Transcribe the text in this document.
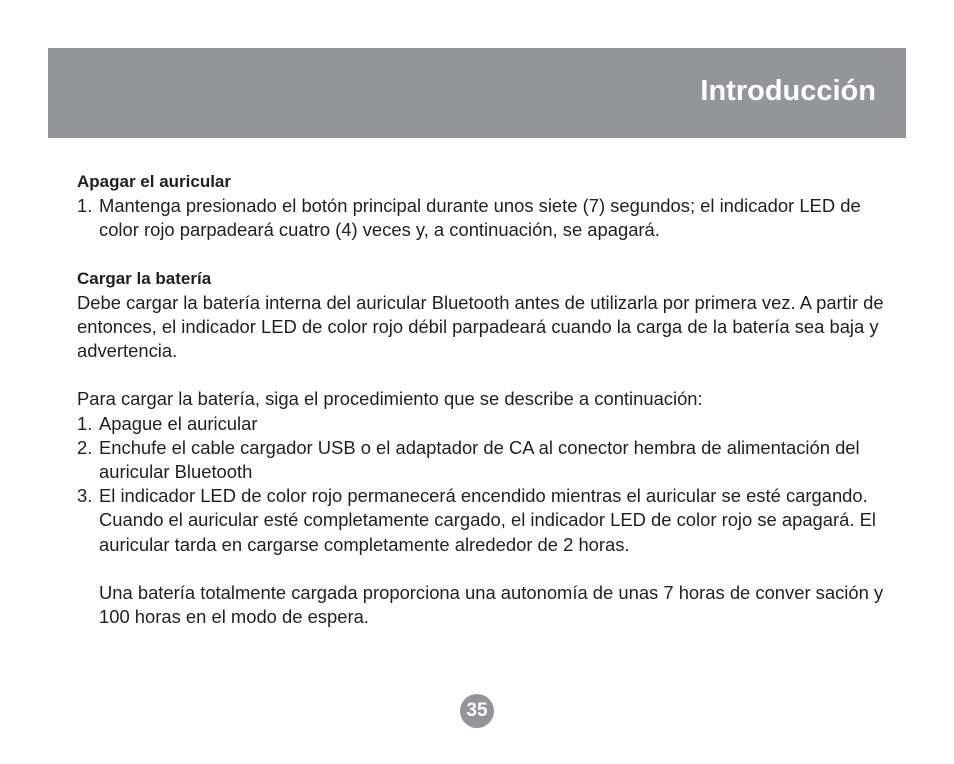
Introducción

Apagar el auricular

1. Mantenga presionado el botón principal durante unos siete (7) segundos; el indicador LED de color rojo parpadeará cuatro (4) veces y, a continuación, se apagará.

Cargar la batería

Debe cargar la batería interna del auricular Bluetooth antes de utilizarla por primera vez. A partir de entonces, el indicador LED de color rojo débil parpadeará cuando la carga de la batería sea baja y advertencia.

Para cargar la batería, siga el procedimiento que se describe a continuación:

1. Apague el auricular
2. Enchufe el cable cargador USB o el adaptador de CA al conector hembra de alimentación del auricular Bluetooth
3. El indicador LED de color rojo permanecerá encendido mientras el auricular se esté cargando. Cuando el auricular esté completamente cargado, el indicador LED de color rojo se apagará. El auricular tarda en cargarse completamente alrededor de 2 horas.

Una batería totalmente cargada proporciona una autonomía de unas 7 horas de conver sación y 100 horas en el modo de espera.

35
